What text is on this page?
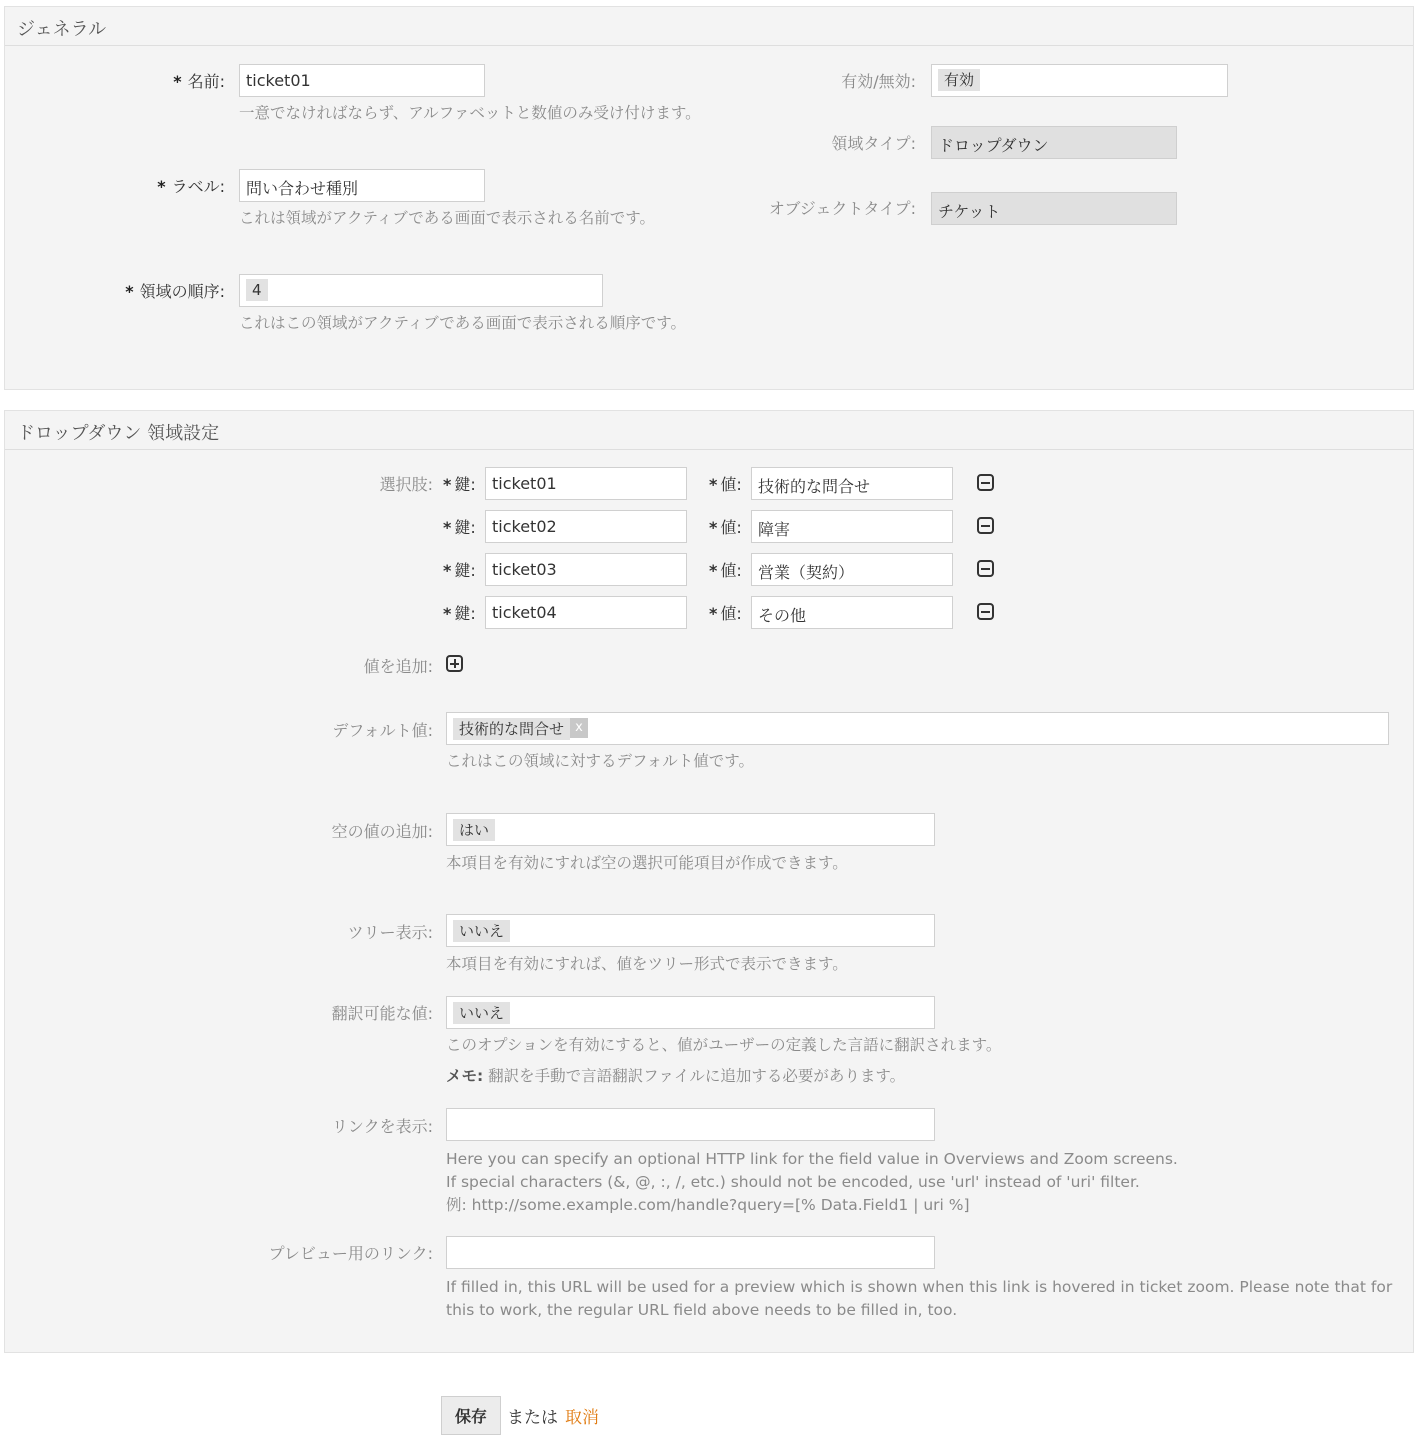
ジェネラル
* 名前:	ticket01
一意でなければならず、アルファベットと数値のみ受け付けます。
* ラベル:	問い合わせ種別
これは領域がアクティブである画面で表示される名前です。
* 領域の順序:	4
これはこの領域がアクティブである画面で表示される順序です。
有効/無効:	有効
領域タイプ:	ドロップダウン
オブジェクトタイプ:	チケット
ドロップダウン 領域設定
選択肢: * 鍵:	ticket01	* 値:	技術的な問合せ
* 鍵:	ticket02	* 値:	障害
* 鍵:	ticket03	* 値:	営業（契約）
* 鍵:	ticket04	* 値:	その他
値を追加:
デフォルト値:	技術的な問合せ x
これはこの領域に対するデフォルト値です。
空の値の追加:	はい
本項目を有効にすれば空の選択可能項目が作成できます。
ツリー表示:	いいえ
本項目を有効にすれば、値をツリー形式で表示できます。
翻訳可能な値:	いいえ
このオプションを有効にすると、値がユーザーの定義した言語に翻訳されます。
メモ: 翻訳を手動で言語翻訳ファイルに追加する必要があります。
リンクを表示:
Here you can specify an optional HTTP link for the field value in Overviews and Zoom screens.
If special characters (&, @, :, /, etc.) should not be encoded, use 'url' instead of 'uri' filter.
例: http://some.example.com/handle?query=[% Data.Field1 | uri %]
プレビュー用のリンク:
If filled in, this URL will be used for a preview which is shown when this link is hovered in ticket zoom. Please note that for this to work, the regular URL field above needs to be filled in, too.
保存	または 取消
